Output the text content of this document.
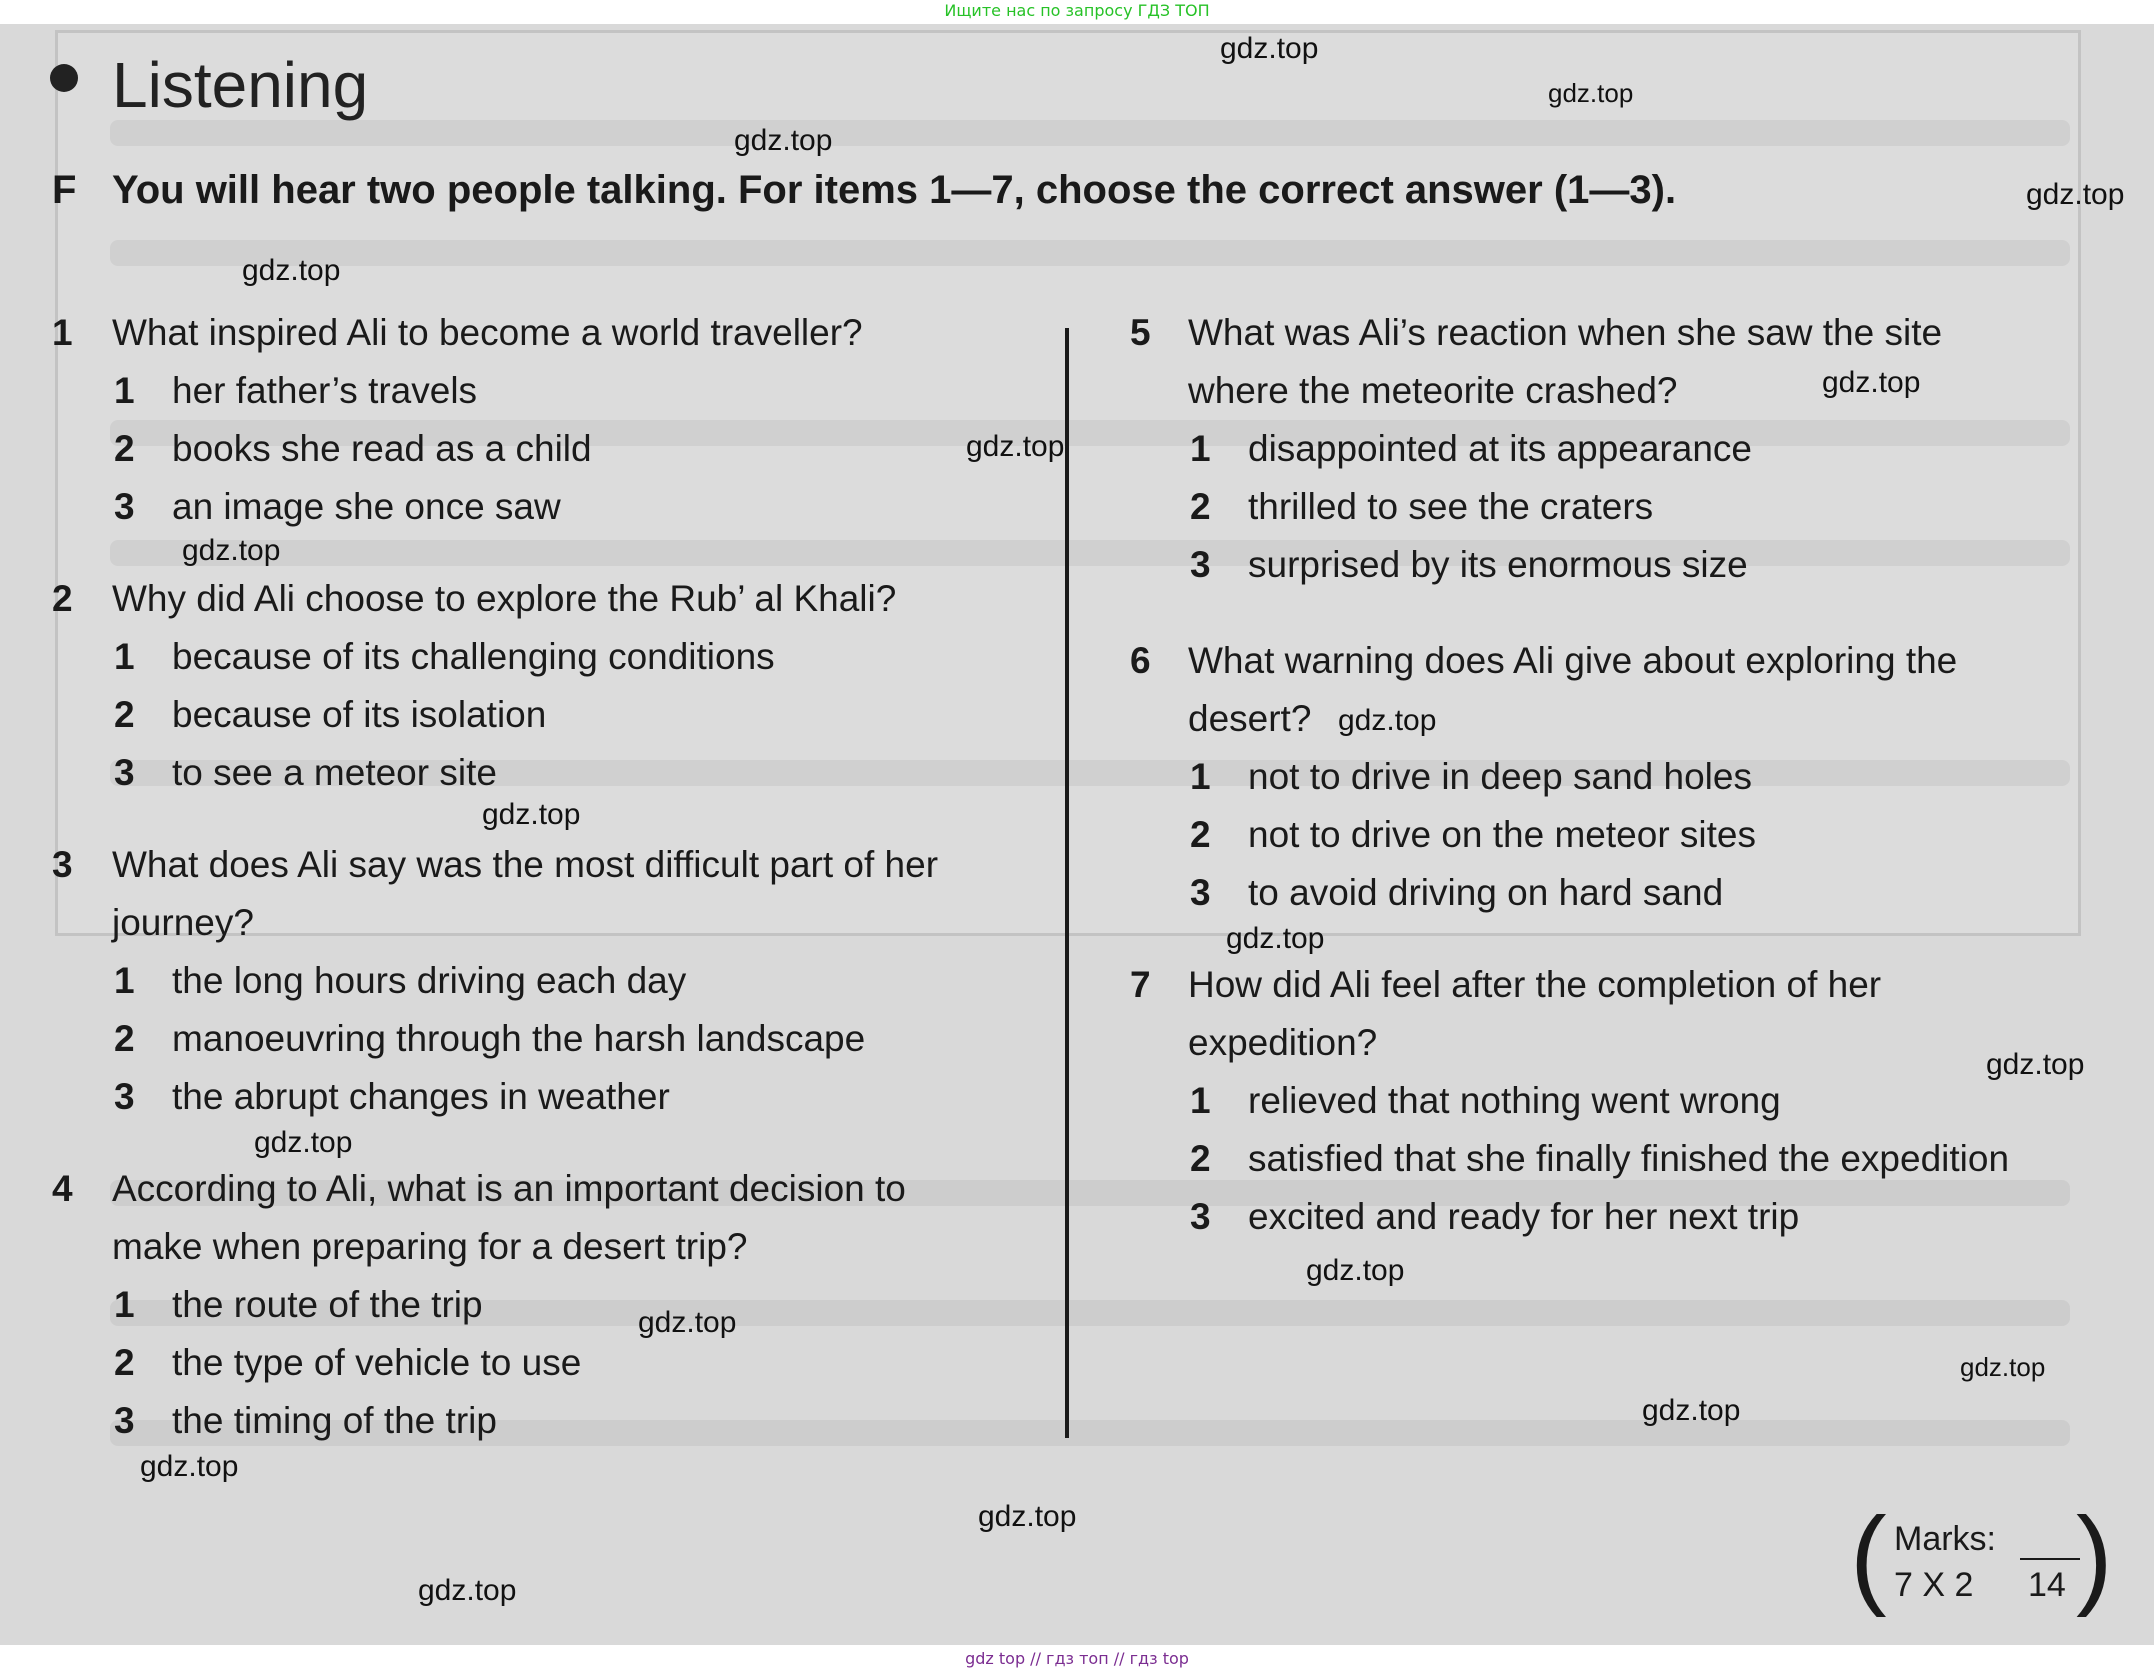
Ищите нас по запросу ГДЗ ТОП
Listening
F You will hear two people talking. For items 1—7, choose the correct answer (1—3).
1 What inspired Ali to become a world traveller?
1 her father’s travels
2 books she read as a child
3 an image she once saw
2 Why did Ali choose to explore the Rub’ al Khali?
1 because of its challenging conditions
2 because of its isolation
3 to see a meteor site
3 What does Ali say was the most difficult part of her
journey?
1 the long hours driving each day
2 manoeuvring through the harsh landscape
3 the abrupt changes in weather
4 According to Ali, what is an important decision to
make when preparing for a desert trip?
1 the route of the trip
2 the type of vehicle to use
3 the timing of the trip
5 What was Ali’s reaction when she saw the site
where the meteorite crashed?
1 disappointed at its appearance
2 thrilled to see the craters
3 surprised by its enormous size
6 What warning does Ali give about exploring the
desert?
1 not to drive in deep sand holes
2 not to drive on the meteor sites
3 to avoid driving on hard sand
7 How did Ali feel after the completion of her
expedition?
1 relieved that nothing went wrong
2 satisfied that she finally finished the expedition
3 excited and ready for her next trip
( Marks:
7 X 2 14 )
gdz.top
gdz.top
gdz.top
gdz.top
gdz.top
gdz.top
gdz.top
gdz.top
gdz.top
gdz.top
gdz.top
gdz.top
gdz.top
gdz.top
gdz.top
gdz.top
gdz.top
gdz.top
gdz.top
gdz.top
gdz top // гдз топ // гдз top
